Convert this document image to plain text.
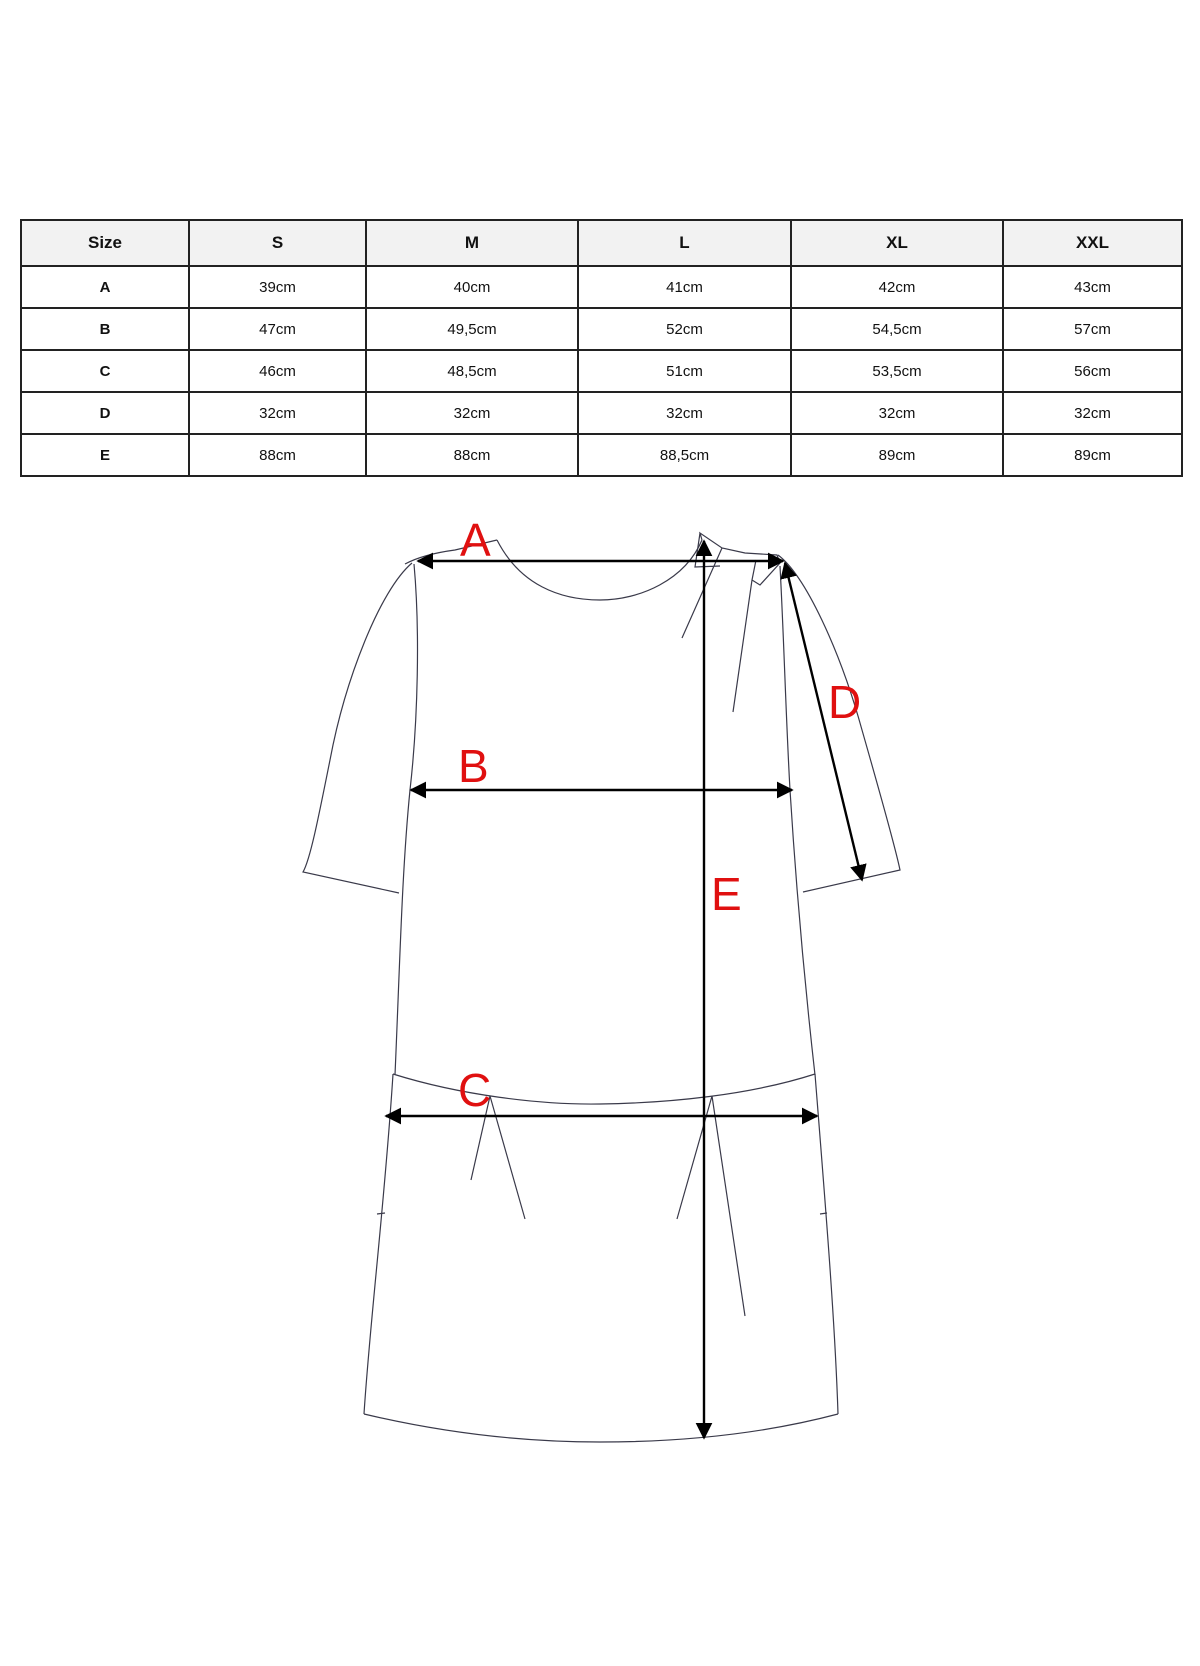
Size	S	M	L	XL	XXL
A	39cm	40cm	41cm	42cm	43cm
B	47cm	49,5cm	52cm	54,5cm	57cm
C	46cm	48,5cm	51cm	53,5cm	56cm
D	32cm	32cm	32cm	32cm	32cm
E	88cm	88cm	88,5cm	89cm	89cm
A
B
C
D
E
